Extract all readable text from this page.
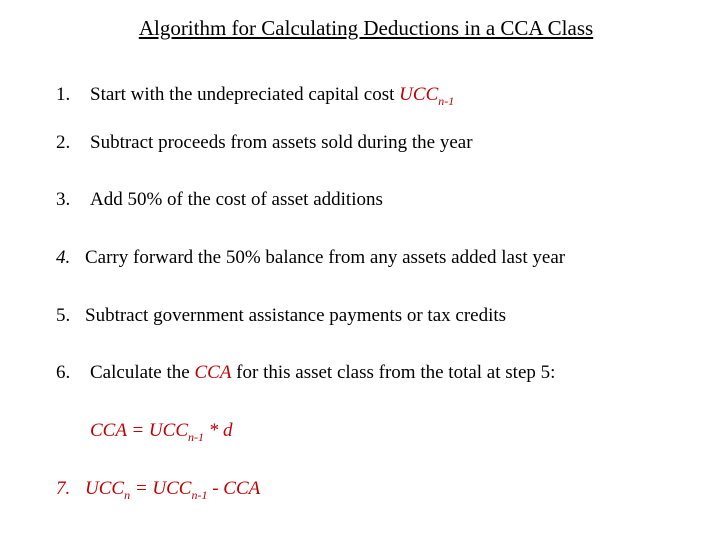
Algorithm for Calculating Deductions in a CCA Class
1. Start with the undepreciated capital cost $UCC_{n-1}$
2. Subtract proceeds from assets sold during the year
3. Add 50% of the cost of asset additions
4. Carry forward the 50% balance from any assets added last year
5. Subtract government assistance payments or tax credits
6. Calculate the CCA for this asset class from the total at step 5:
CCA = $UCC_{n-1}$ * d
7. $UCC_n = UCC_{n-1}$ - CCA
